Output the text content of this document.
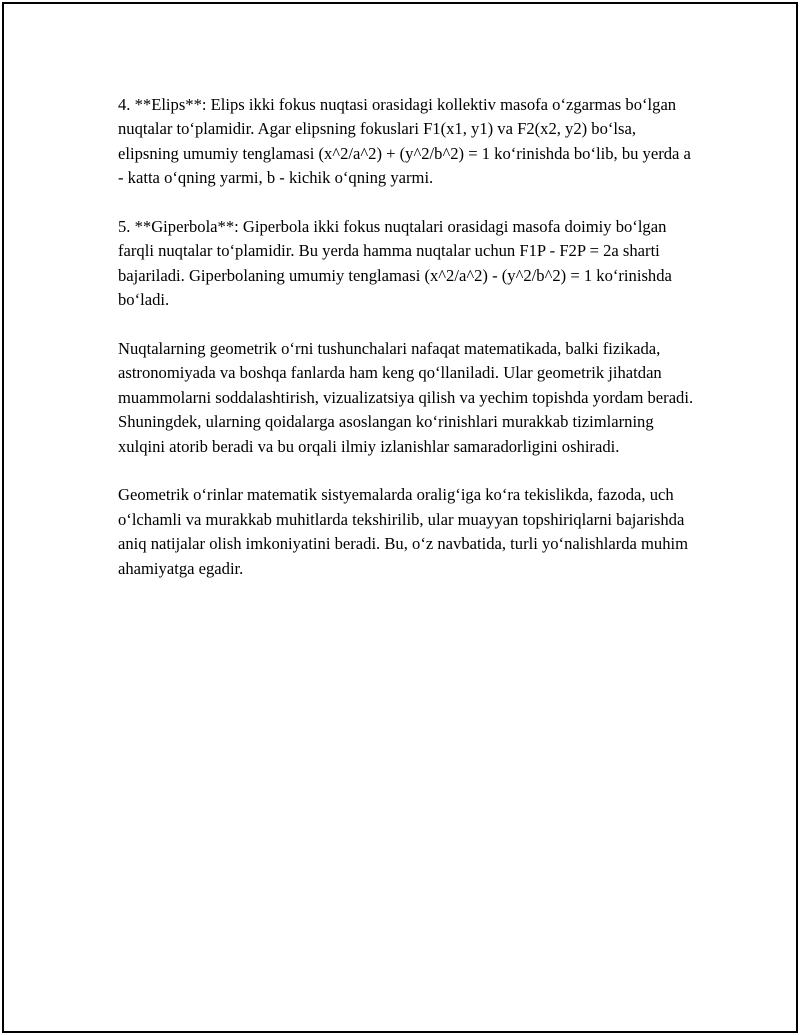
4. **Elips**: Elips ikki fokus nuqtasi orasidagi kollektiv masofa o‘zgarmas bo‘lgan nuqtalar to‘plamidir. Agar elipsning fokuslari F1(x1, y1) va F2(x2, y2) bo‘lsa, elipsning umumiy tenglamasi (x^2/a^2) + (y^2/b^2) = 1 ko‘rinishda bo‘lib, bu yerda a - katta o‘qning yarmi, b - kichik o‘qning yarmi.

5. **Giperbola**: Giperbola ikki fokus nuqtalari orasidagi masofa doimiy bo‘lgan farqli nuqtalar to‘plamidir. Bu yerda hamma nuqtalar uchun F1P - F2P = 2a sharti bajariladi. Giperbolaning umumiy tenglamasi (x^2/a^2) - (y^2/b^2) = 1 ko‘rinishda bo‘ladi.

Nuqtalarning geometrik o‘rni tushunchalari nafaqat matematikada, balki fizikada, astronomiyada va boshqa fanlarda ham keng qo‘llaniladi. Ular geometrik jihatdan muammolarni soddalashtirish, vizualizatsiya qilish va yechim topishda yordam beradi. Shuningdek, ularning qoidalarga asoslangan ko‘rinishlari murakkab tizimlarning xulqini atorib beradi va bu orqali ilmiy izlanishlar samaradorligini oshiradi.

Geometrik o‘rinlar matematik sistyemalarda oralig‘iga ko‘ra tekislikda, fazoda, uch o‘lchamli va murakkab muhitlarda tekshirilib, ular muayyan topshiriqlarni bajarishda aniq natijalar olish imkoniyatini beradi. Bu, o‘z navbatida, turli yo‘nalishlarda muhim ahamiyatga egadir.
